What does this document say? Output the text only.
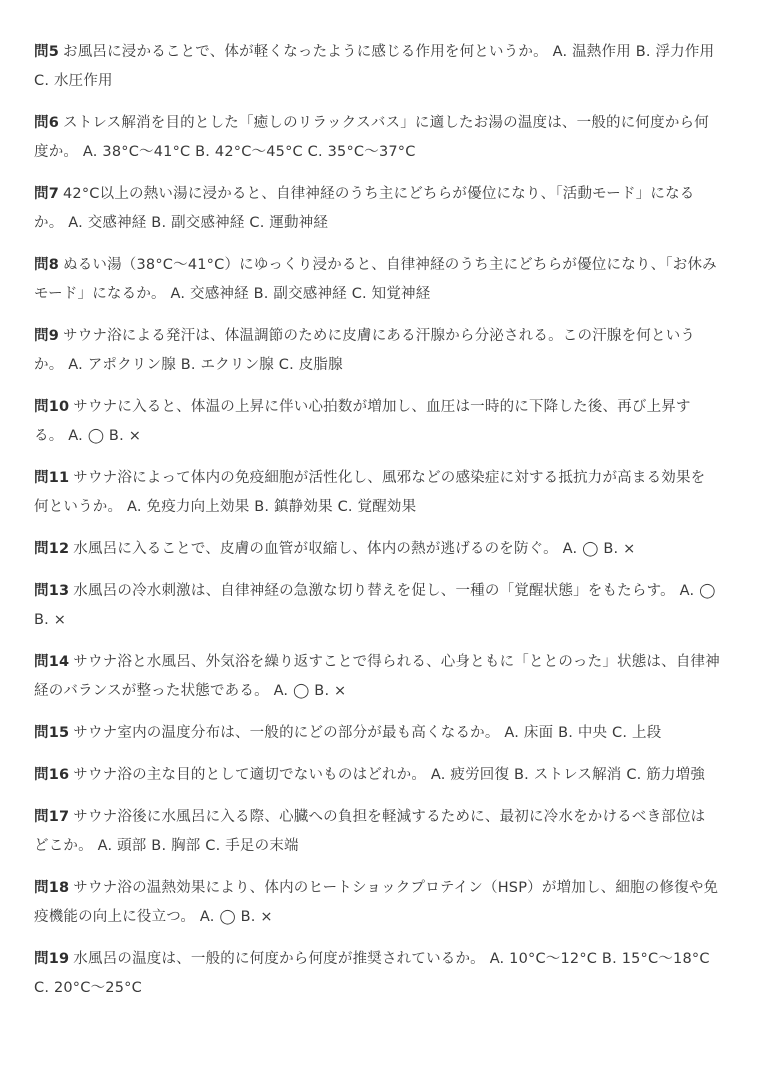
問5 お風呂に浸かることで、体が軽くなったように感じる作用を何というか。 A. 温熱作用 B. 浮力作用 C. 水圧作用

問6 ストレス解消を目的とした「癒しのリラックスバス」に適したお湯の温度は、一般的に何度から何度か。 A. 38°C〜41°C B. 42°C〜45°C C. 35°C〜37°C

問7 42°C以上の熱い湯に浸かると、自律神経のうち主にどちらが優位になり、「活動モード」になるか。 A. 交感神経 B. 副交感神経 C. 運動神経

問8 ぬるい湯（38°C〜41°C）にゆっくり浸かると、自律神経のうち主にどちらが優位になり、「お休みモード」になるか。 A. 交感神経 B. 副交感神経 C. 知覚神経

問9 サウナ浴による発汗は、体温調節のために皮膚にある汗腺から分泌される。この汗腺を何というか。 A. アポクリン腺 B. エクリン腺 C. 皮脂腺

問10 サウナに入ると、体温の上昇に伴い心拍数が増加し、血圧は一時的に下降した後、再び上昇する。 A. ◯ B. ×

問11 サウナ浴によって体内の免疫細胞が活性化し、風邪などの感染症に対する抵抗力が高まる効果を何というか。 A. 免疫力向上効果 B. 鎮静効果 C. 覚醒効果

問12 水風呂に入ることで、皮膚の血管が収縮し、体内の熱が逃げるのを防ぐ。 A. ◯ B. ×

問13 水風呂の冷水刺激は、自律神経の急激な切り替えを促し、一種の「覚醒状態」をもたらす。 A. ◯ B. ×

問14 サウナ浴と水風呂、外気浴を繰り返すことで得られる、心身ともに「ととのった」状態は、自律神経のバランスが整った状態である。 A. ◯ B. ×

問15 サウナ室内の温度分布は、一般的にどの部分が最も高くなるか。 A. 床面 B. 中央 C. 上段

問16 サウナ浴の主な目的として適切でないものはどれか。 A. 疲労回復 B. ストレス解消 C. 筋力増強

問17 サウナ浴後に水風呂に入る際、心臓への負担を軽減するために、最初に冷水をかけるべき部位はどこか。 A. 頭部 B. 胸部 C. 手足の末端

問18 サウナ浴の温熱効果により、体内のヒートショックプロテイン（HSP）が増加し、細胞の修復や免疫機能の向上に役立つ。 A. ◯ B. ×

問19 水風呂の温度は、一般的に何度から何度が推奨されているか。 A. 10°C〜12°C B. 15°C〜18°C C. 20°C〜25°C
